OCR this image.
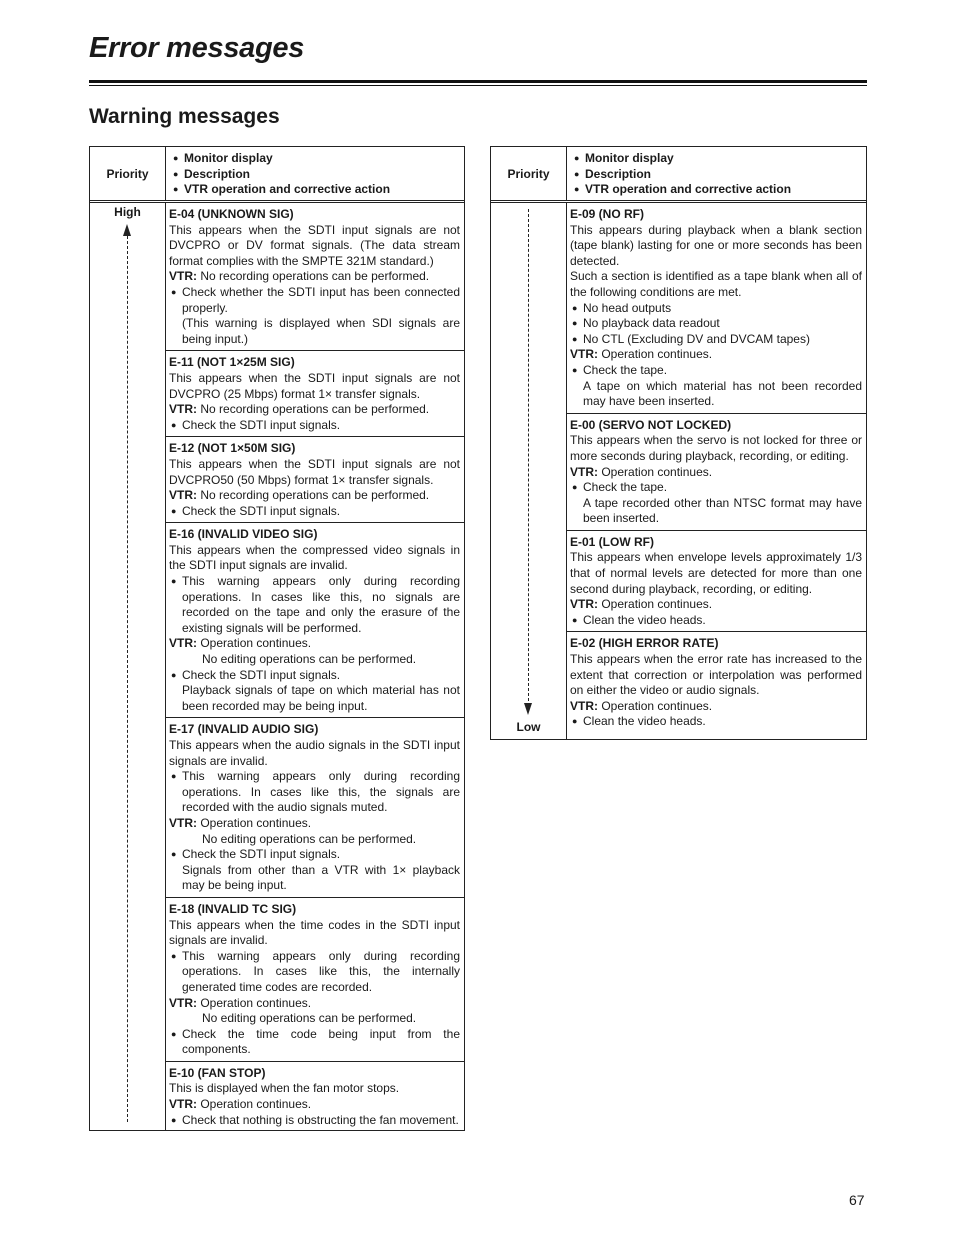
Error messages
Warning messages
Priority
● Monitor display
● Description
● VTR operation and corrective action
High	E-04 (UNKNOWN SIG)
This appears when the SDTI input signals are not DVCPRO or DV format signals. (The data stream format complies with the SMPTE 321M standard.)
VTR: No recording operations can be performed.
● Check whether the SDTI input has been connected properly.
(This warning is displayed when SDI signals are being input.)
E-11 (NOT 1×25M SIG)
This appears when the SDTI input signals are not DVCPRO (25 Mbps) format 1× transfer signals.
VTR: No recording operations can be performed.
● Check the SDTI input signals.
E-12 (NOT 1×50M SIG)
This appears when the SDTI input signals are not DVCPRO50 (50 Mbps) format 1× transfer signals.
VTR: No recording operations can be performed.
● Check the SDTI input signals.
E-16 (INVALID VIDEO SIG)
This appears when the compressed video signals in the SDTI input signals are invalid.
● This warning appears only during recording operations. In cases like this, no signals are recorded on the tape and only the erasure of the existing signals will be performed.
VTR: Operation continues.
No editing operations can be performed.
● Check the SDTI input signals.
Playback signals of tape on which material has not been recorded may be being input.
E-17 (INVALID AUDIO SIG)
This appears when the audio signals in the SDTI input signals are invalid.
● This warning appears only during recording operations. In cases like this, the signals are recorded with the audio signals muted.
VTR: Operation continues.
No editing operations can be performed.
● Check the SDTI input signals.
Signals from other than a VTR with 1× playback may be being input.
E-18 (INVALID TC SIG)
This appears when the time codes in the SDTI input signals are invalid.
● This warning appears only during recording operations. In cases like this, the internally generated time codes are recorded.
VTR: Operation continues.
No editing operations can be performed.
● Check the time code being input from the components.
E-10 (FAN STOP)
This is displayed when the fan motor stops.
VTR: Operation continues.
● Check that nothing is obstructing the fan movement.
Priority
● Monitor display
● Description
● VTR operation and corrective action
Low
E-09 (NO RF)
This appears during playback when a blank section (tape blank) lasting for one or more seconds has been detected.
Such a section is identified as a tape blank when all of the following conditions are met.
● No head outputs
● No playback data readout
● No CTL (Excluding DV and DVCAM tapes)
VTR: Operation continues.
● Check the tape.
A tape on which material has not been recorded may have been inserted.
E-00 (SERVO NOT LOCKED)
This appears when the servo is not locked for three or more seconds during playback, recording, or editing.
VTR: Operation continues.
● Check the tape.
A tape recorded other than NTSC format may have been inserted.
E-01 (LOW RF)
This appears when envelope levels approximately 1/3 that of normal levels are detected for more than one second during playback, recording, or editing.
VTR: Operation continues.
● Clean the video heads.
E-02 (HIGH ERROR RATE)
This appears when the error rate has increased to the extent that correction or interpolation was performed on either the video or audio signals.
VTR: Operation continues.
● Clean the video heads.
67
